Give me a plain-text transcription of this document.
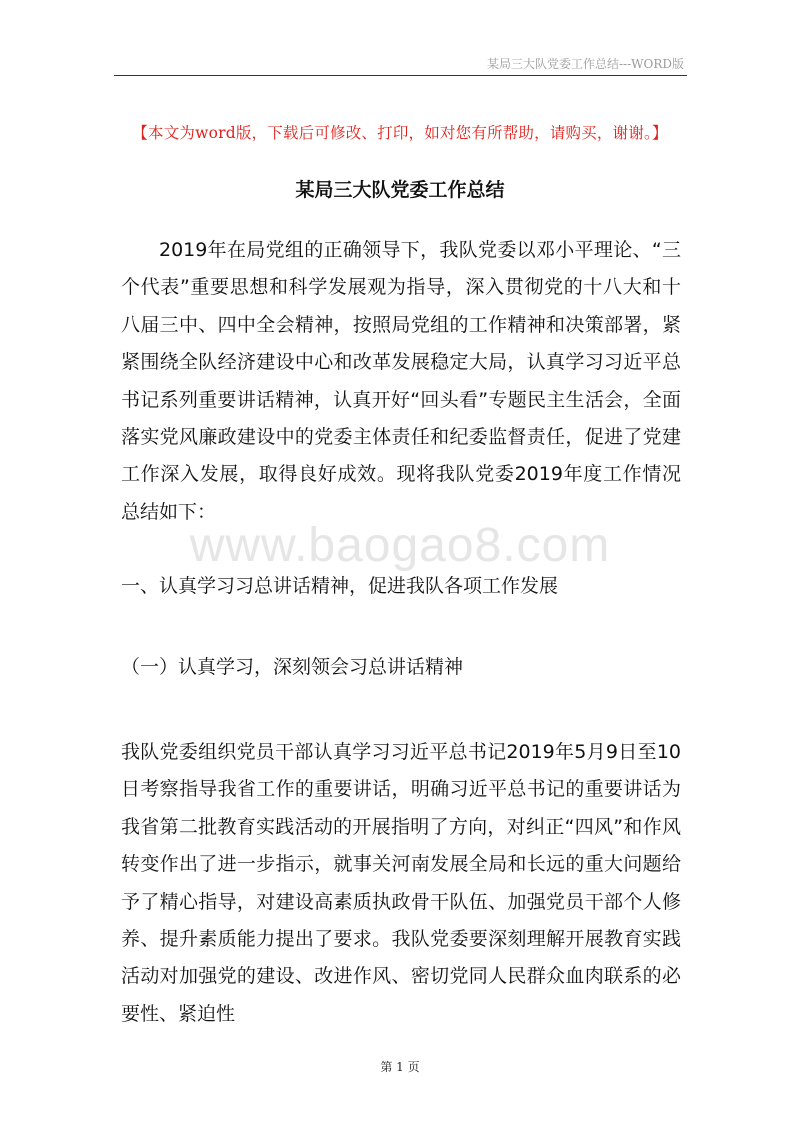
某局三大队党委工作总结---WORD版
【本文为word版，下载后可修改、打印，如对您有所帮助，请购买，谢谢。】
某局三大队党委工作总结

2019年在局党组的正确领导下，我队党委以邓小平理论、“三个代表”重要思想和科学发展观为指导，深入贯彻党的十八大和十八届三中、四中全会精神，按照局党组的工作精神和决策部署，紧紧围绕全队经济建设中心和改革发展稳定大局，认真学习习近平总书记系列重要讲话精神，认真开好“回头看”专题民主生活会，全面落实党风廉政建设中的党委主体责任和纪委监督责任，促进了党建工作深入发展，取得良好成效。现将我队党委2019年度工作情况总结如下：

www.baogao8.com

一、认真学习习总讲话精神，促进我队各项工作发展

（一）认真学习，深刻领会习总讲话精神

我队党委组织党员干部认真学习习近平总书记2019年5月9日至10日考察指导我省工作的重要讲话，明确习近平总书记的重要讲话为我省第二批教育实践活动的开展指明了方向，对纠正“四风”和作风转变作出了进一步指示，就事关河南发展全局和长远的重大问题给予了精心指导，对建设高素质执政骨干队伍、加强党员干部个人修养、提升素质能力提出了要求。我队党委要深刻理解开展教育实践活动对加强党的建设、改进作风、密切党同人民群众血肉联系的必要性、紧迫性

第 1 页
